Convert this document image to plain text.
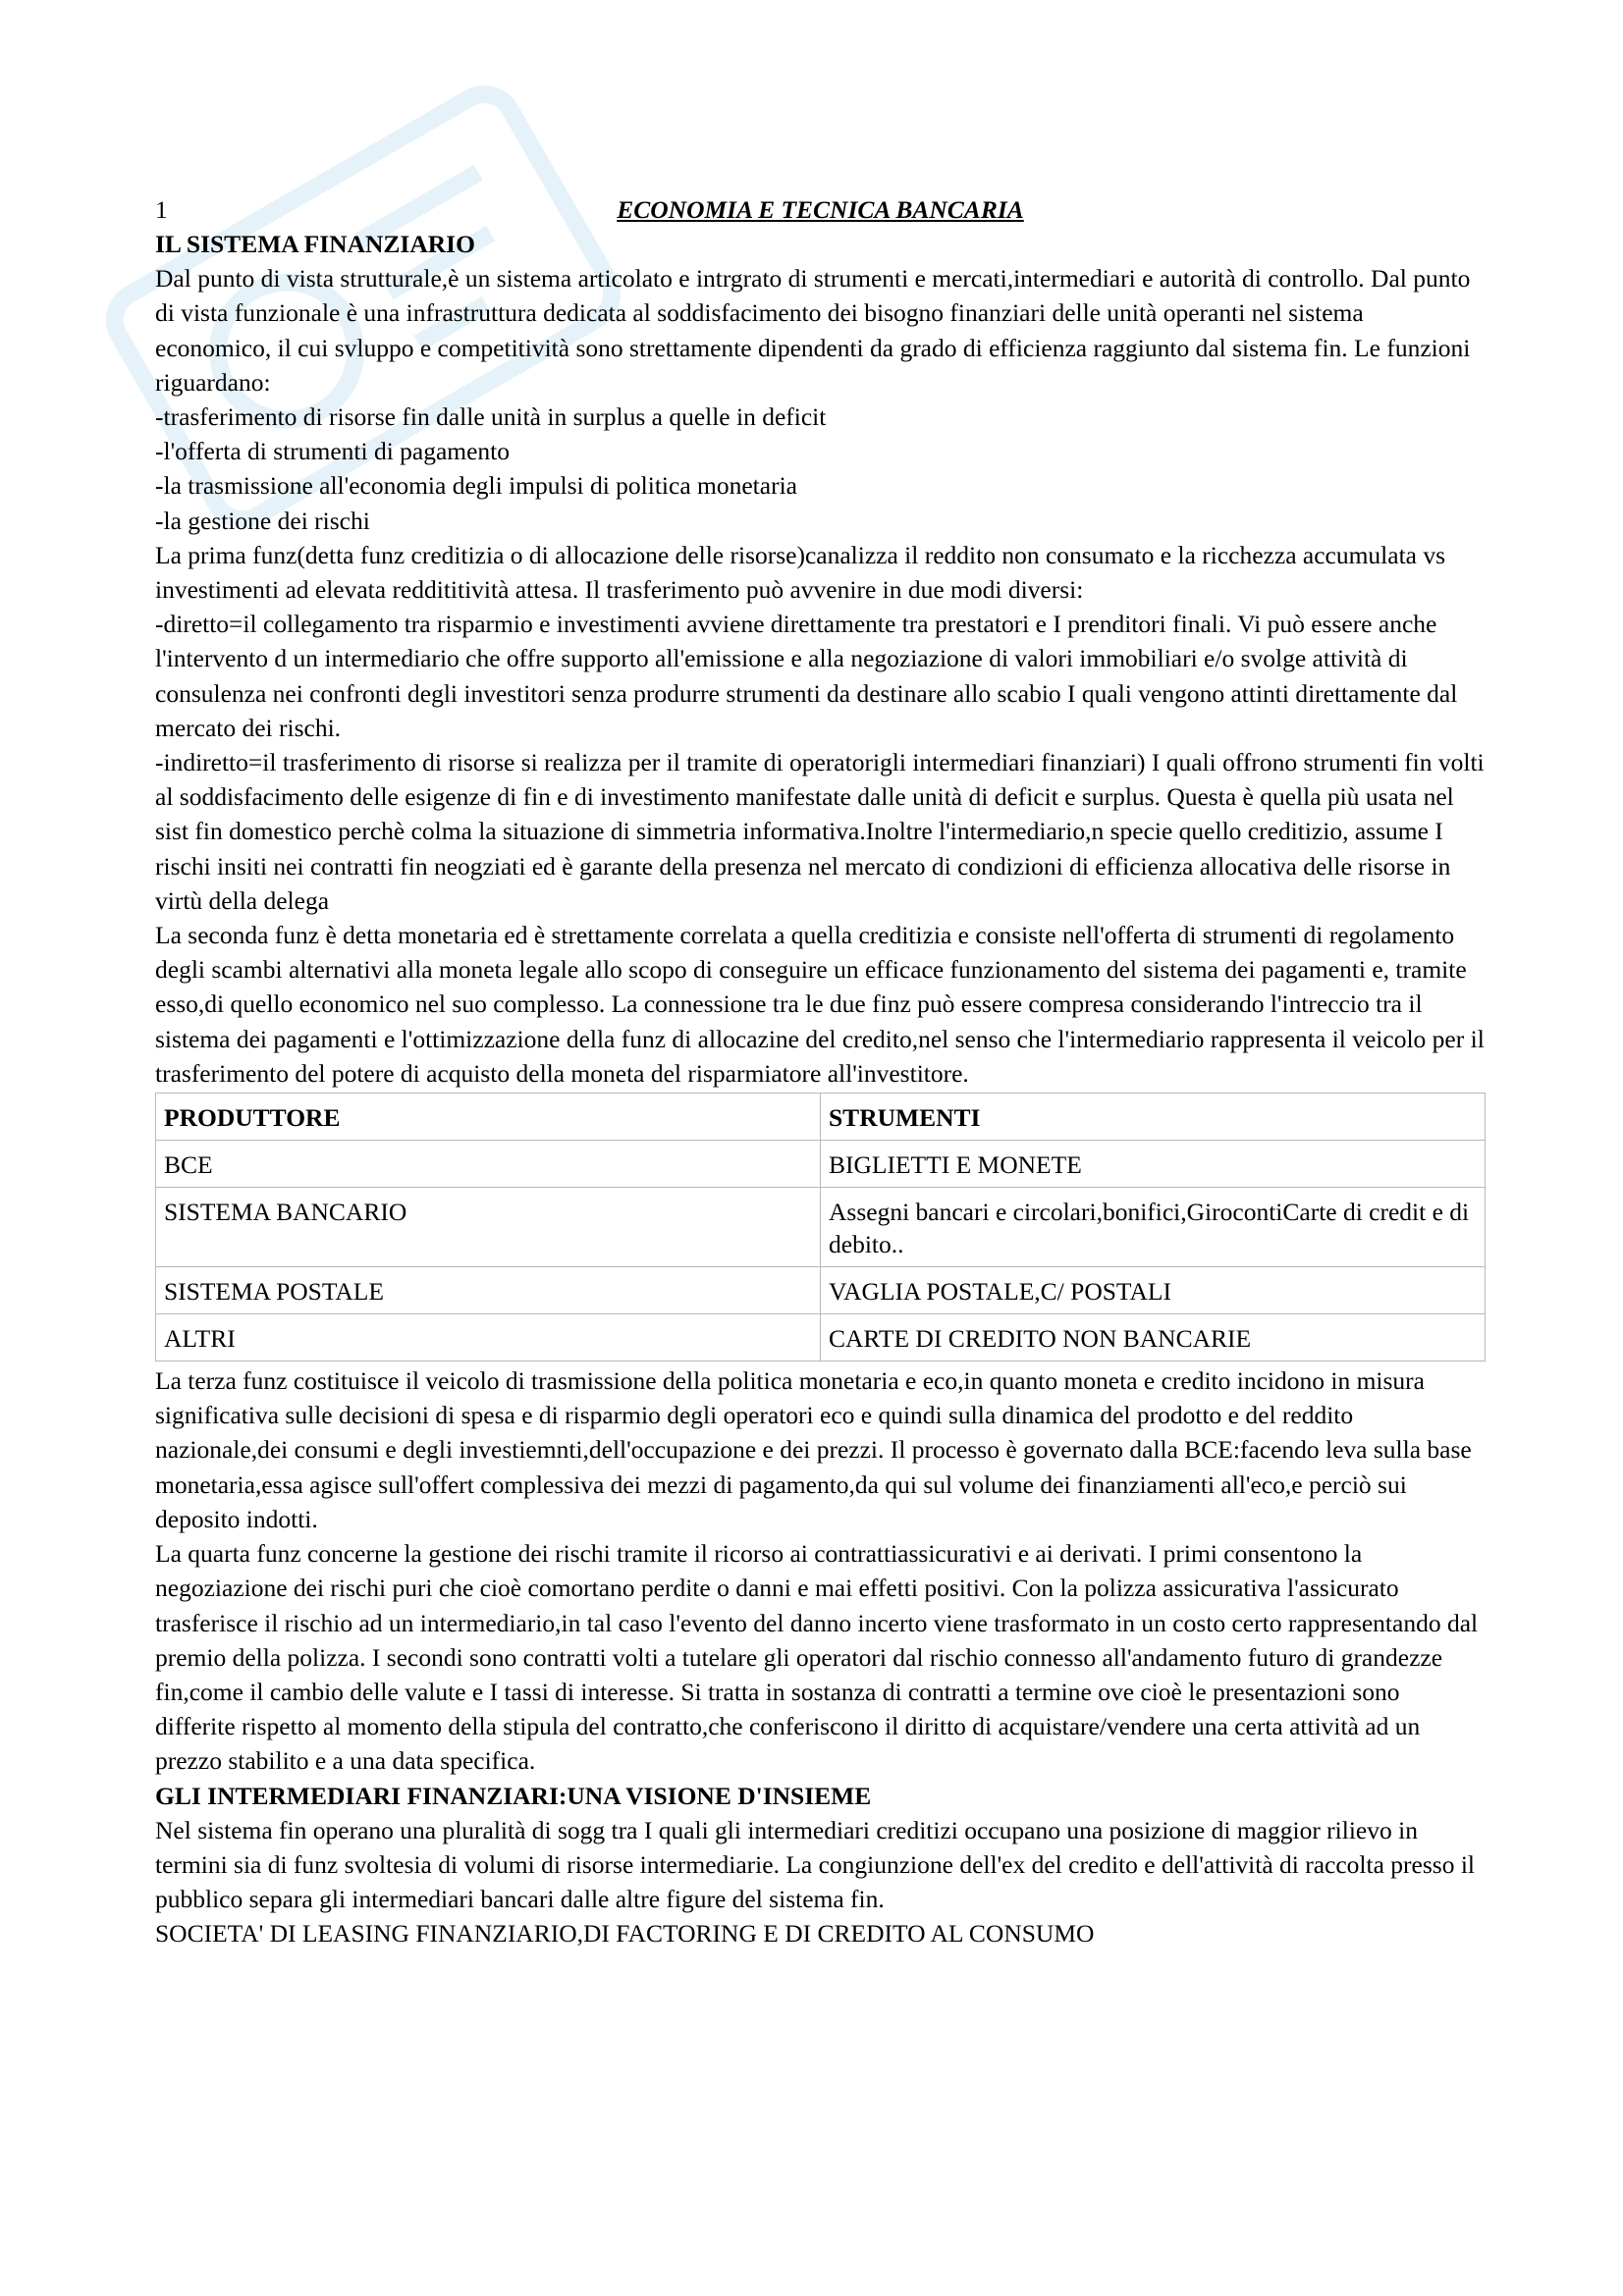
1	ECONOMIA E TECNICA BANCARIA
IL SISTEMA FINANZIARIO

Dal punto di vista strutturale,è un sistema articolato e intrgrato di strumenti e mercati,intermediari e autorità di controllo. Dal punto di vista funzionale è una infrastruttura dedicata al soddisfacimento dei bisogno finanziari delle unità operanti nel sistema economico, il cui svluppo e competitività sono strettamente dipendenti da grado di efficienza raggiunto dal sistema fin. Le funzioni riguardano:

-trasferimento di risorse fin dalle unità in surplus a quelle in deficit
-l'offerta di strumenti di pagamento
-la trasmissione all'economia degli impulsi di politica monetaria
-la gestione dei rischi

La prima funz(detta funz creditizia o di allocazione delle risorse)canalizza il reddito non consumato e la ricchezza accumulata vs investimenti ad elevata reddititività attesa. Il trasferimento può avvenire in due modi diversi:

-diretto=il collegamento tra risparmio e investimenti avviene direttamente tra prestatori e I prenditori finali. Vi può essere anche l'intervento d un intermediario che offre supporto all'emissione e alla negoziazione di valori immobiliari e/o svolge attività di consulenza nei confronti degli investitori senza produrre strumenti da destinare allo scabio I quali vengono attinti direttamente dal mercato dei rischi.

-indiretto=il trasferimento di risorse si realizza per il tramite di operatorigli intermediari finanziari) I quali offrono strumenti fin volti al soddisfacimento delle esigenze di fin e di investimento manifestate dalle unità di deficit e surplus. Questa è quella più usata nel sist fin domestico perchè colma la situazione di simmetria informativa.Inoltre l'intermediario,n specie quello creditizio, assume I rischi insiti nei contratti fin neogziati ed è garante della presenza nel mercato di condizioni di efficienza allocativa delle risorse in virtù della delega

La seconda funz è detta monetaria ed è strettamente correlata a quella creditizia e consiste nell'offerta di strumenti di regolamento degli scambi alternativi alla moneta legale allo scopo di conseguire un efficace funzionamento del sistema dei pagamenti e, tramite esso,di quello economico nel suo complesso. La connessione tra le due finz può essere compresa considerando l'intreccio tra il sistema dei pagamenti e l'ottimizzazione della funz di allocazine del credito,nel senso che l'intermediario rappresenta il veicolo per il trasferimento del potere di acquisto della moneta del risparmiatore all'investitore.

PRODUTTORE	STRUMENTI
BCE	BIGLIETTI E MONETE
SISTEMA BANCARIO	Assegni bancari e circolari,bonifici,GirocontiCarte di credit e di debito..
SISTEMA POSTALE	VAGLIA POSTALE,C/ POSTALI
ALTRI	CARTE DI CREDITO NON BANCARIE

La terza funz costituisce il veicolo di trasmissione della politica monetaria e eco,in quanto moneta e credito incidono in misura significativa sulle decisioni di spesa e di risparmio degli operatori eco e quindi sulla dinamica del prodotto e del reddito nazionale,dei consumi e degli investiemnti,dell'occupazione e dei prezzi. Il processo è governato dalla BCE:facendo leva sulla base monetaria,essa agisce sull'offert complessiva dei mezzi di pagamento,da qui sul volume dei finanziamenti all'eco,e perciò sui deposito indotti.

La quarta funz concerne la gestione dei rischi tramite il ricorso ai contrattiassicurativi e ai derivati. I primi consentono la negoziazione dei rischi puri che cioè comortano perdite o danni e mai effetti positivi. Con la polizza assicurativa l'assicurato trasferisce il rischio ad un intermediario,in tal caso l'evento del danno incerto viene trasformato in un costo certo rappresentando dal premio della polizza. I secondi sono contratti volti a tutelare gli operatori dal rischio connesso all'andamento futuro di grandezze fin,come il cambio delle valute e I tassi di interesse. Si tratta in sostanza di contratti a termine ove cioè le presentazioni sono differite rispetto al momento della stipula del contratto,che conferiscono il diritto di acquistare/vendere una certa attività ad un prezzo stabilito e a una data specifica.

GLI INTERMEDIARI FINANZIARI:UNA VISIONE D'INSIEME

Nel sistema fin operano una pluralità di sogg tra I quali gli intermediari creditizi occupano una posizione di maggior rilievo in termini sia di funz svoltesia di volumi di risorse intermediarie. La congiunzione dell'ex del credito e dell'attività di raccolta presso il pubblico separa gli intermediari bancari dalle altre figure del sistema fin.

SOCIETA' DI LEASING FINANZIARIO,DI FACTORING E DI CREDITO AL CONSUMO
